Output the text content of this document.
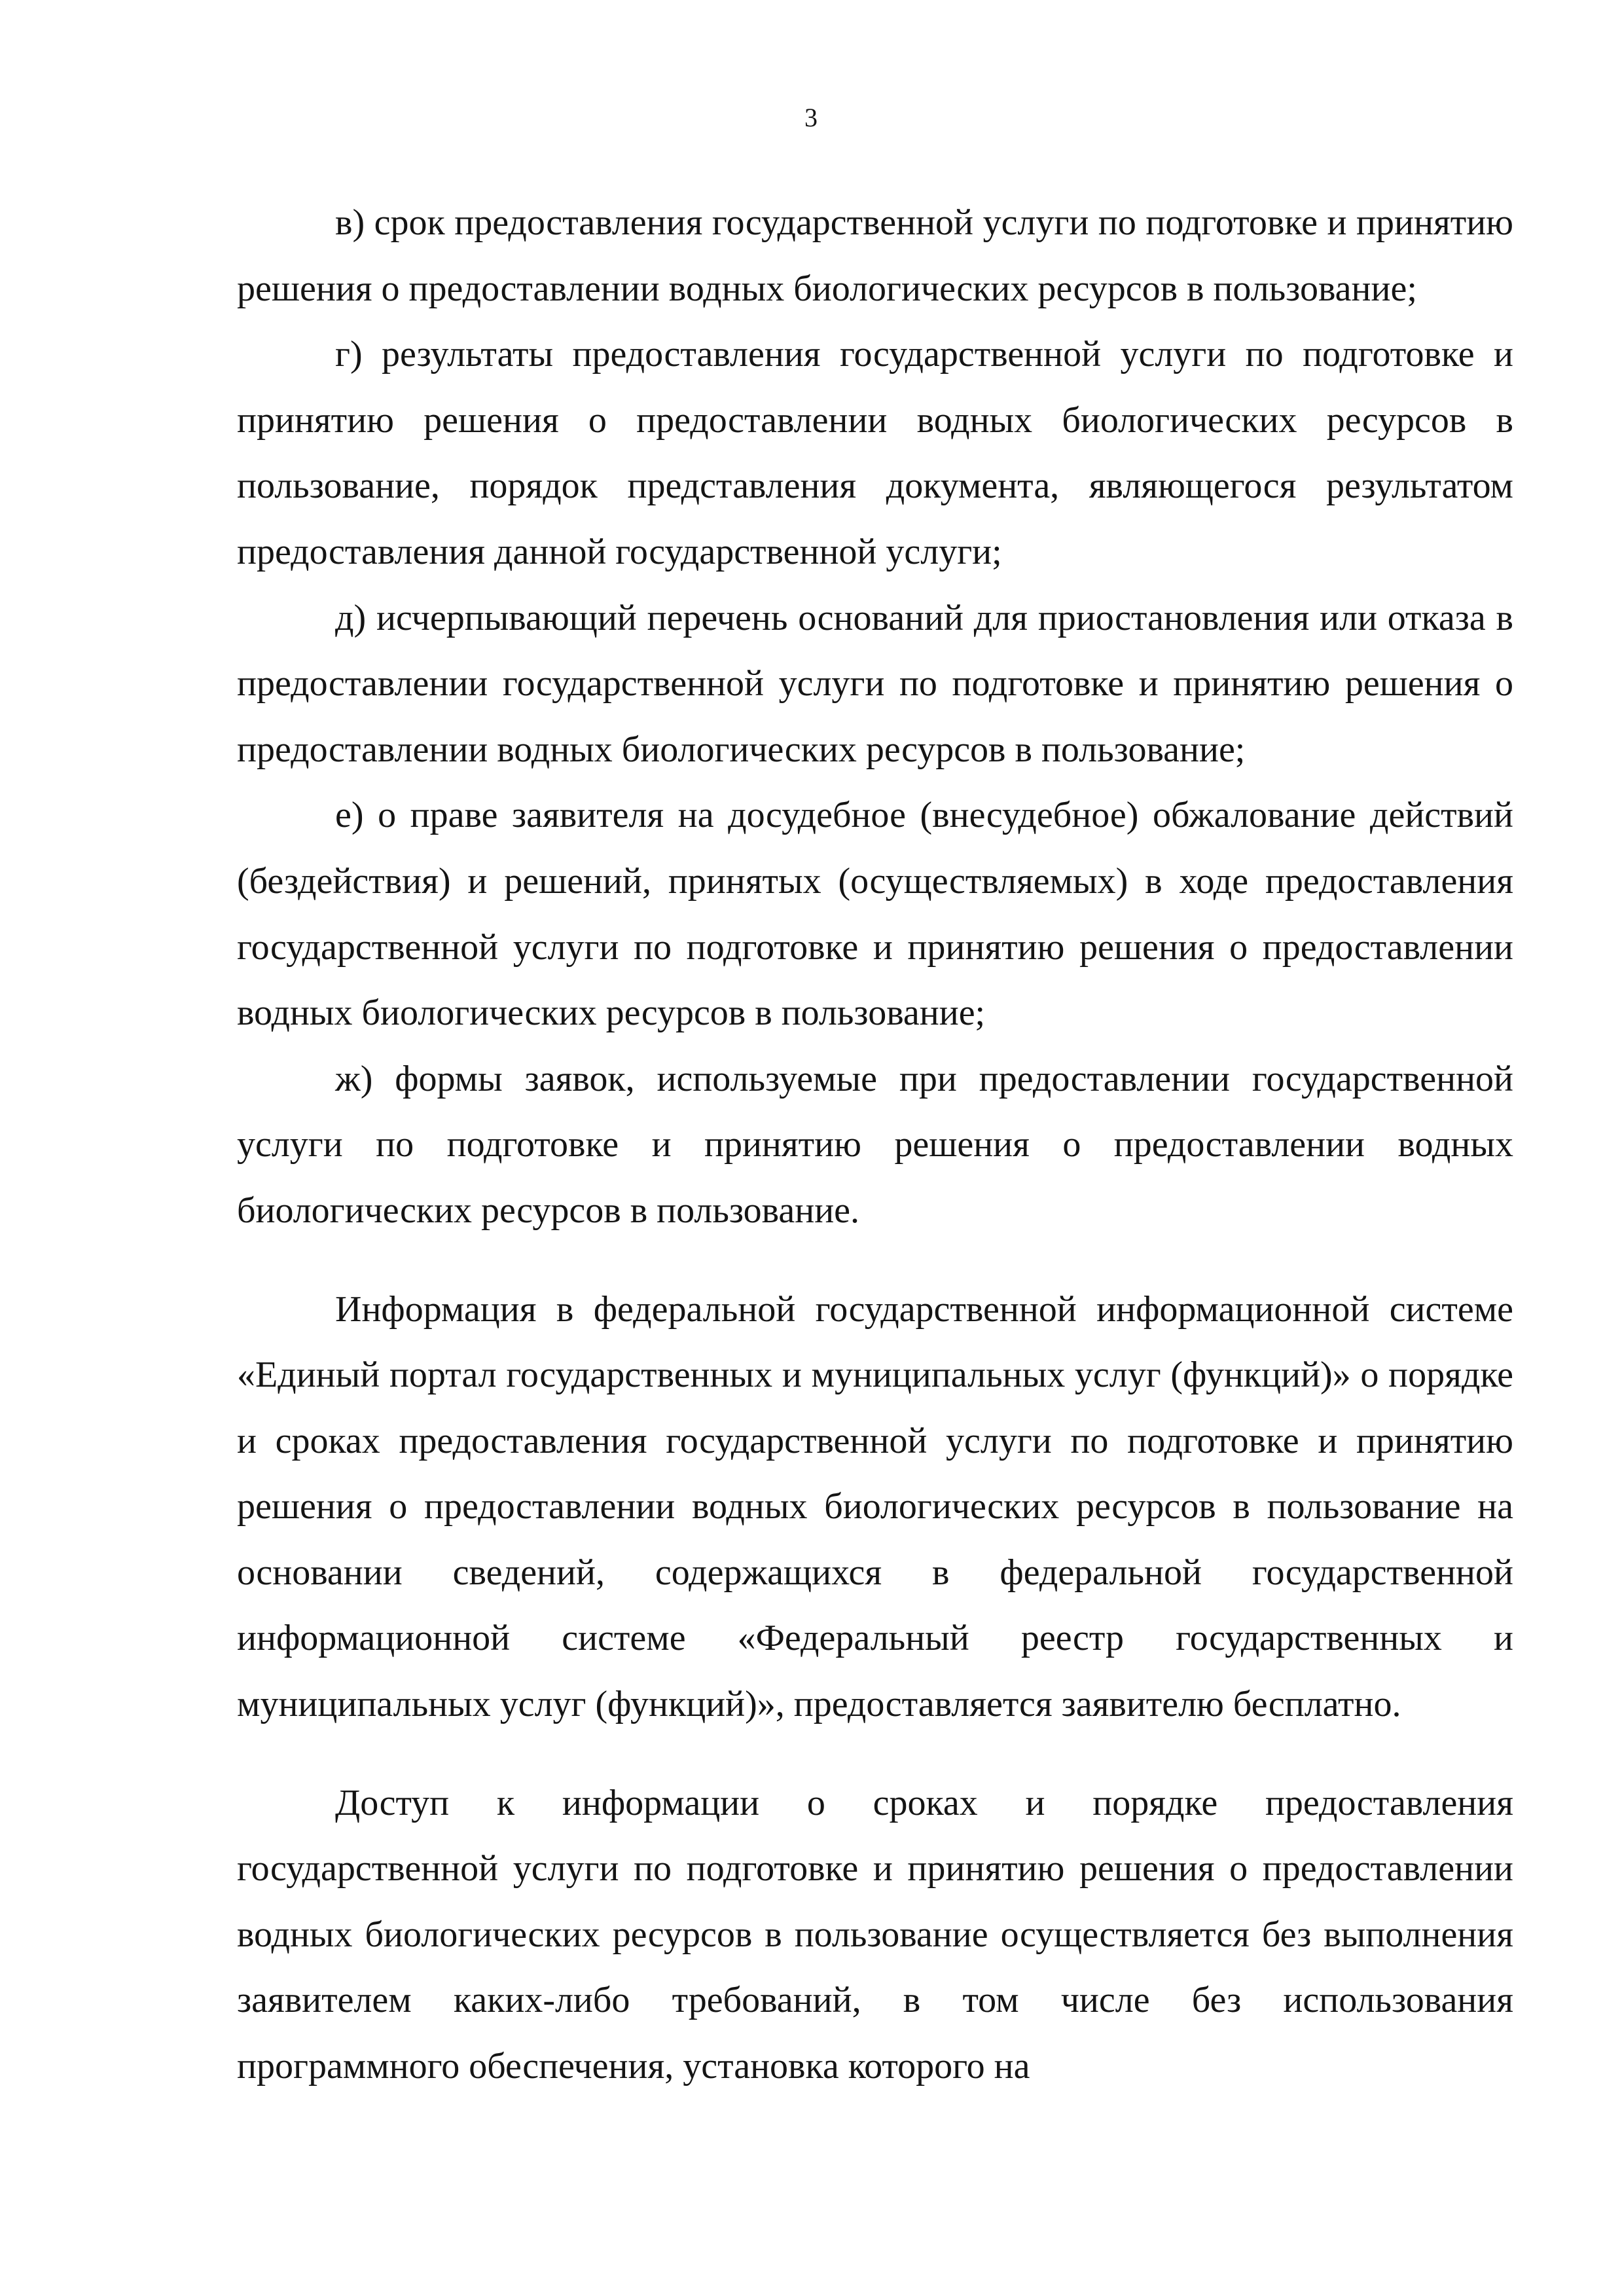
3

в) срок предоставления государственной услуги по подготовке и принятию решения о предоставлении водных биологических ресурсов в пользование;

г) результаты предоставления государственной услуги по подготовке и принятию решения о предоставлении водных биологических ресурсов в пользование, порядок представления документа, являющегося результатом предоставления данной государственной услуги;

д) исчерпывающий перечень оснований для приостановления или отказа в предоставлении государственной услуги по подготовке и принятию решения о предоставлении водных биологических ресурсов в пользование;

е) о праве заявителя на досудебное (внесудебное) обжалование действий (бездействия) и решений, принятых (осуществляемых) в ходе предоставления государственной услуги по подготовке и принятию решения о предоставлении водных биологических ресурсов в пользование;

ж) формы заявок, используемые при предоставлении государственной услуги по подготовке и принятию решения о предоставлении водных биологических ресурсов в пользование.

Информация в федеральной государственной информационной системе «Единый портал государственных и муниципальных услуг (функций)» о порядке и сроках предоставления государственной услуги по подготовке и принятию решения о предоставлении водных биологических ресурсов в пользование на основании сведений, содержащихся в федеральной государственной информационной системе «Федеральный реестр государственных и муниципальных услуг (функций)», предоставляется заявителю бесплатно.

Доступ к информации о сроках и порядке предоставления государственной услуги по подготовке и принятию решения о предоставлении водных биологических ресурсов в пользование осуществляется без выполнения заявителем каких-либо требований, в том числе без использования программного обеспечения, установка которого на
